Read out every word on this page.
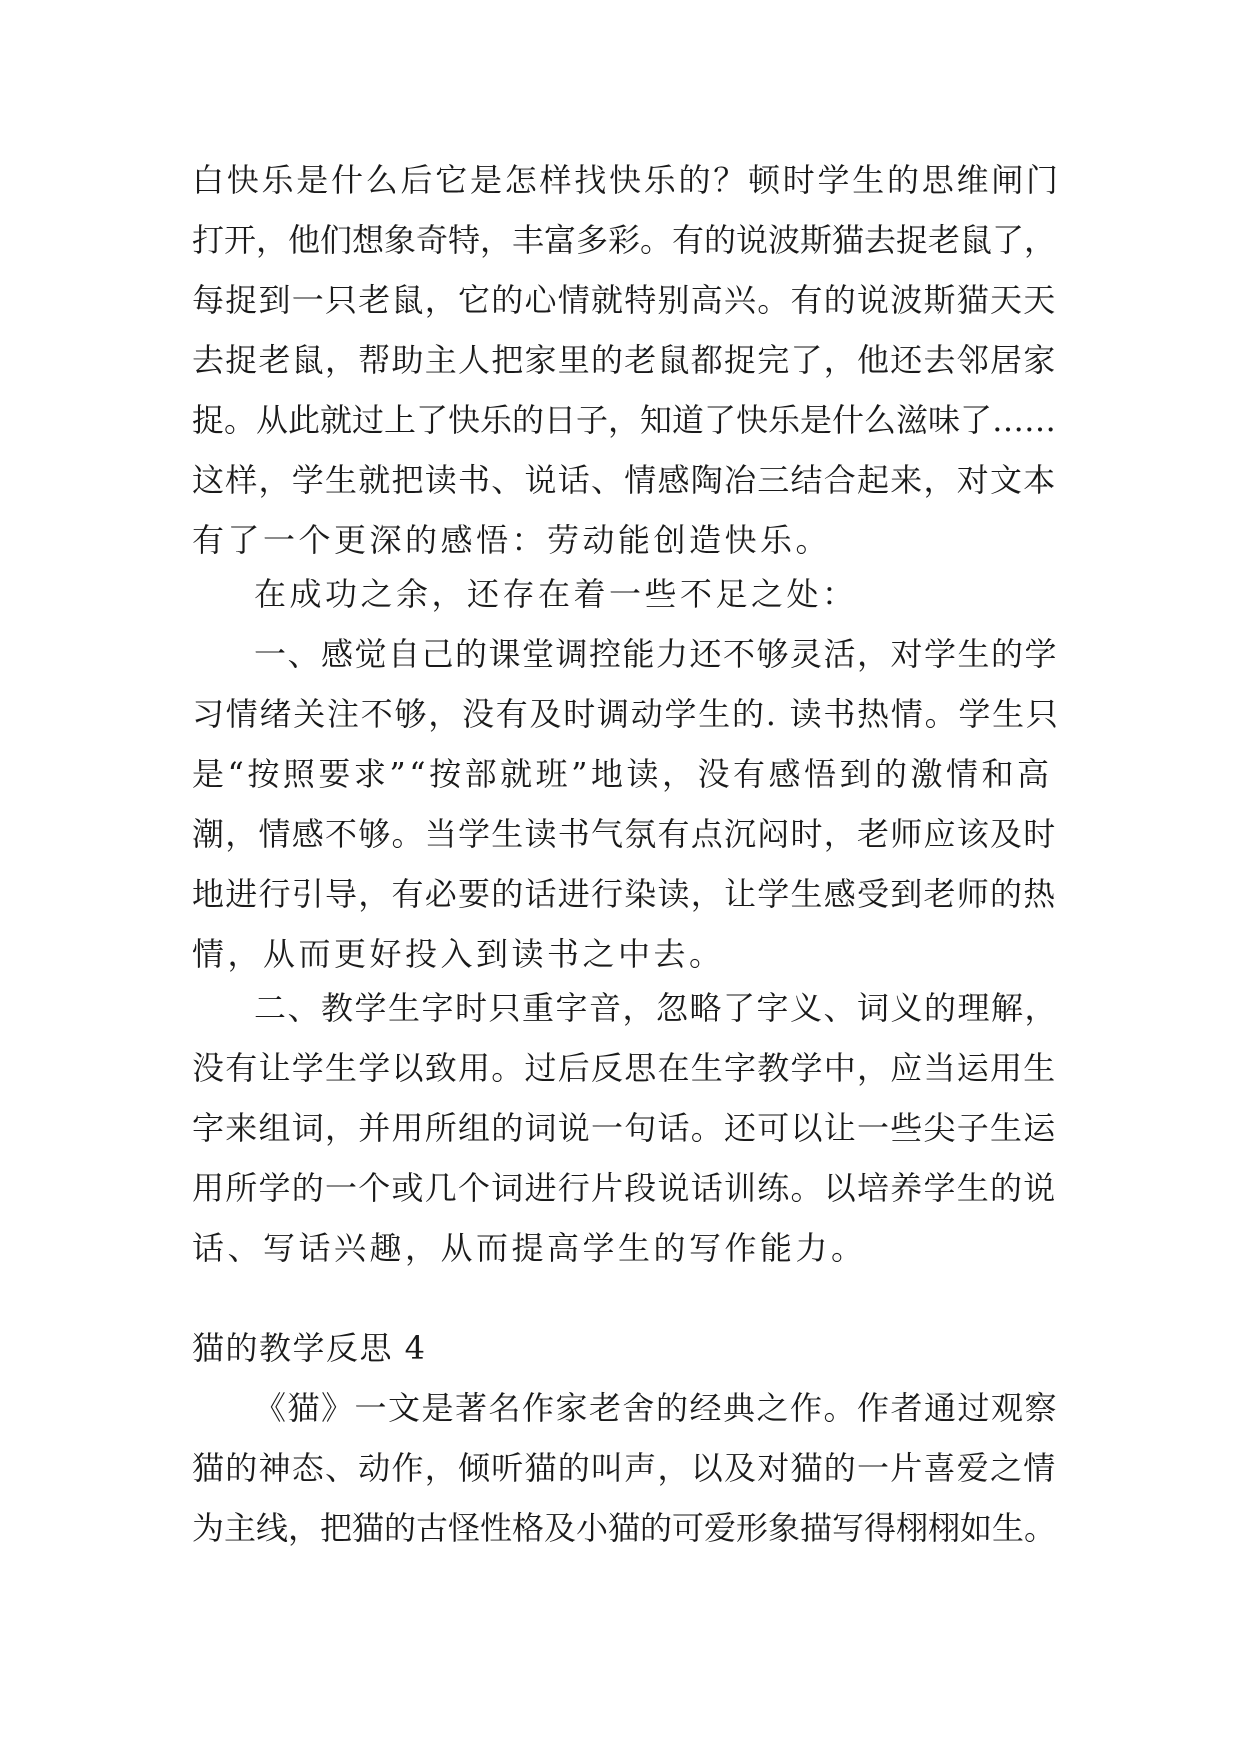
白快乐是什么后它是怎样找快乐的？顿时学生的思维闸门
打开，他们想象奇特，丰富多彩。有的说波斯猫去捉老鼠了，
每捉到一只老鼠，它的心情就特别高兴。有的说波斯猫天天
去捉老鼠，帮助主人把家里的老鼠都捉完了，他还去邻居家
捉。从此就过上了快乐的日子，知道了快乐是什么滋味了……
这样，学生就把读书、说话、情感陶冶三结合起来，对文本
有了一个更深的感悟：劳动能创造快乐。
在成功之余，还存在着一些不足之处：
一、感觉自己的课堂调控能力还不够灵活，对学生的学
习情绪关注不够，没有及时调动学生的. 读书热情。学生只
是“按照要求”“按部就班”地读，没有感悟到的激情和高
潮，情感不够。当学生读书气氛有点沉闷时，老师应该及时
地进行引导，有必要的话进行染读，让学生感受到老师的热
情，从而更好投入到读书之中去。
二、教学生字时只重字音，忽略了字义、词义的理解，
没有让学生学以致用。过后反思在生字教学中，应当运用生
字来组词，并用所组的词说一句话。还可以让一些尖子生运
用所学的一个或几个词进行片段说话训练。以培养学生的说
话、写话兴趣，从而提高学生的写作能力。
猫的教学反思 4
《猫》一文是著名作家老舍的经典之作。作者通过观察
猫的神态、动作，倾听猫的叫声，以及对猫的一片喜爱之情
为主线，把猫的古怪性格及小猫的可爱形象描写得栩栩如生。
